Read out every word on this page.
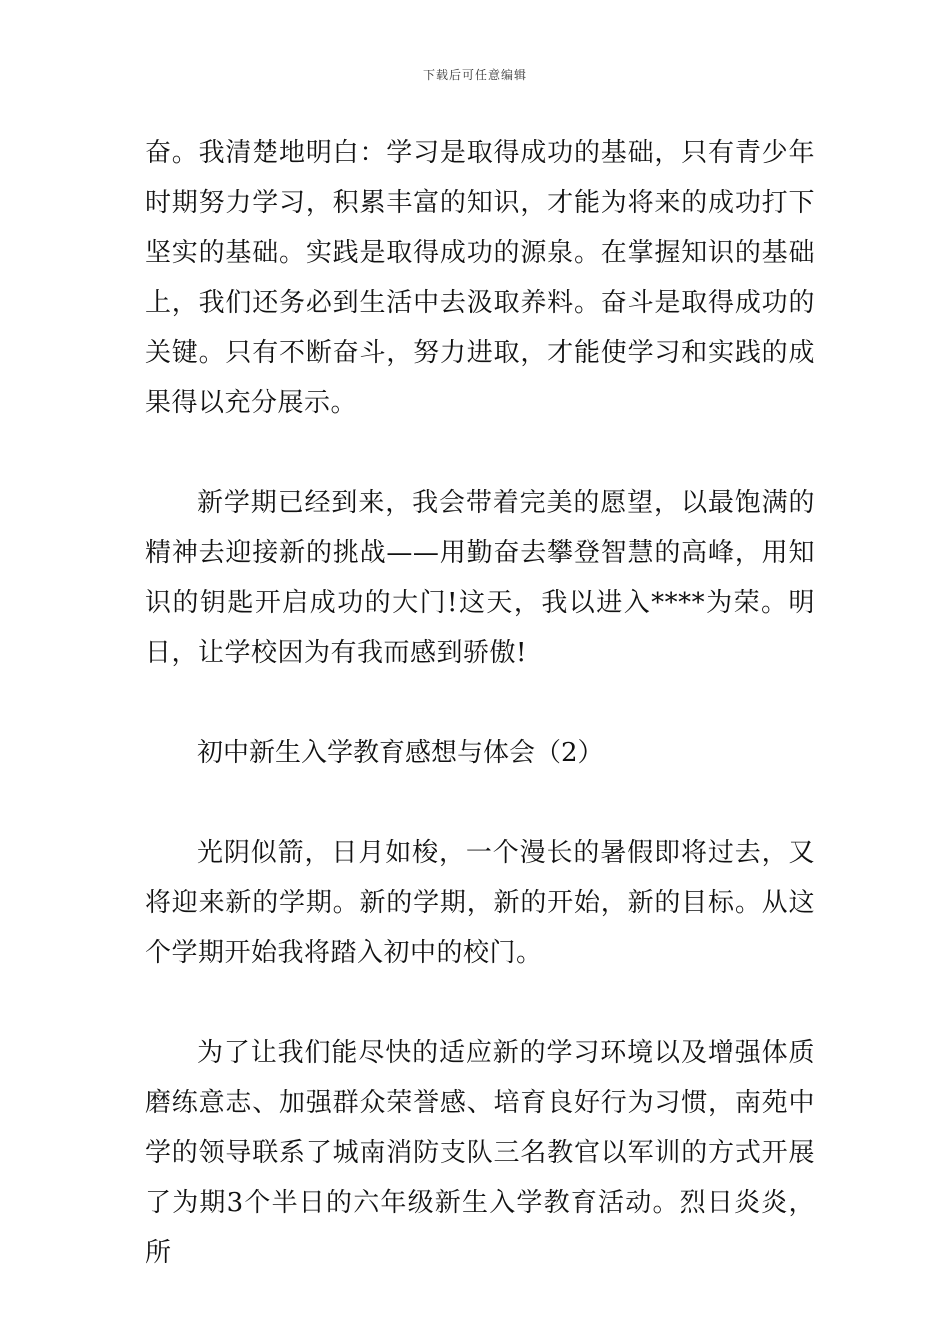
下载后可任意编辑

奋。我清楚地明白：学习是取得成功的基础，只有青少年时期努力学习，积累丰富的知识，才能为将来的成功打下坚实的基础。实践是取得成功的源泉。在掌握知识的基础上，我们还务必到生活中去汲取养料。奋斗是取得成功的关键。只有不断奋斗，努力进取，才能使学习和实践的成果得以充分展示。

新学期已经到来，我会带着完美的愿望，以最饱满的精神去迎接新的挑战——用勤奋去攀登智慧的高峰，用知识的钥匙开启成功的大门!这天，我以进入****为荣。明日，让学校因为有我而感到骄傲!

初中新生入学教育感想与体会（2）

光阴似箭，日月如梭，一个漫长的暑假即将过去，又将迎来新的学期。新的学期，新的开始，新的目标。从这个学期开始我将踏入初中的校门。

为了让我们能尽快的适应新的学习环境以及增强体质磨练意志、加强群众荣誉感、培育良好行为习惯，南苑中学的领导联系了城南消防支队三名教官以军训的方式开展了为期3个半日的六年级新生入学教育活动。烈日炎炎，所
